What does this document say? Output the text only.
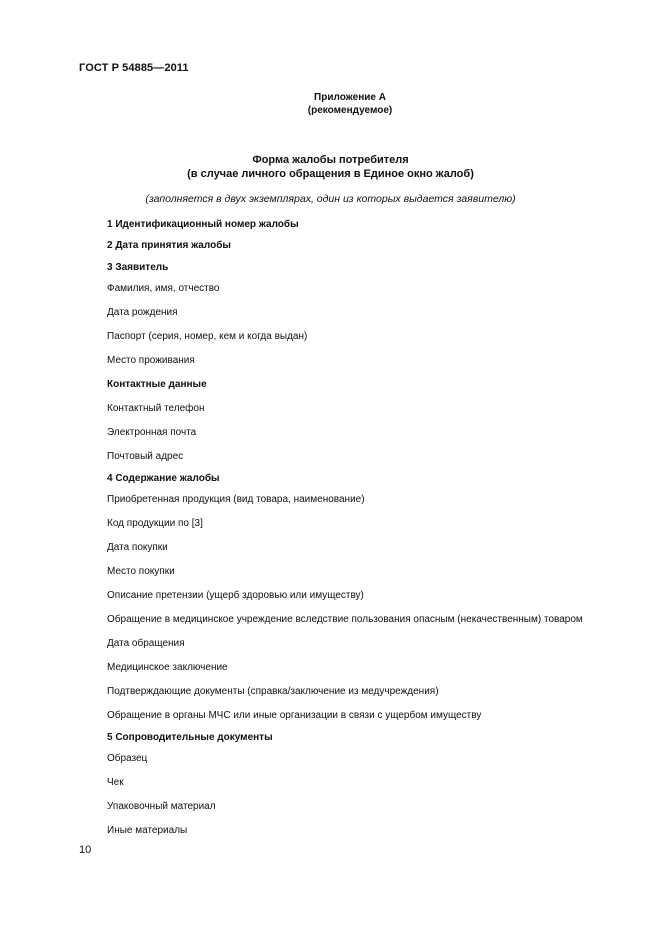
ГОСТ Р 54885—2011
Приложение А
(рекомендуемое)
Форма жалобы потребителя
(в случае личного обращения в Единое окно жалоб)
(заполняется в двух экземплярах, один из которых выдается заявителю)
1 Идентификационный номер жалобы
2 Дата принятия жалобы
3 Заявитель
Фамилия, имя, отчество
Дата рождения
Паспорт (серия, номер, кем и когда выдан)
Место проживания
Контактные данные
Контактный телефон
Электронная почта
Почтовый адрес
4 Содержание жалобы
Приобретенная продукция (вид товара, наименование)
Код продукции по [3]
Дата покупки
Место покупки
Описание претензии (ущерб здоровью или имуществу)
Обращение в медицинское учреждение вследствие пользования опасным (некачественным) товаром
Дата обращения
Медицинское заключение
Подтверждающие документы (справка/заключение из медучреждения)
Обращение в органы МЧС или иные организации в связи с ущербом имуществу
5 Сопроводительные документы
Образец
Чек
Упаковочный материал
Иные материалы
10
